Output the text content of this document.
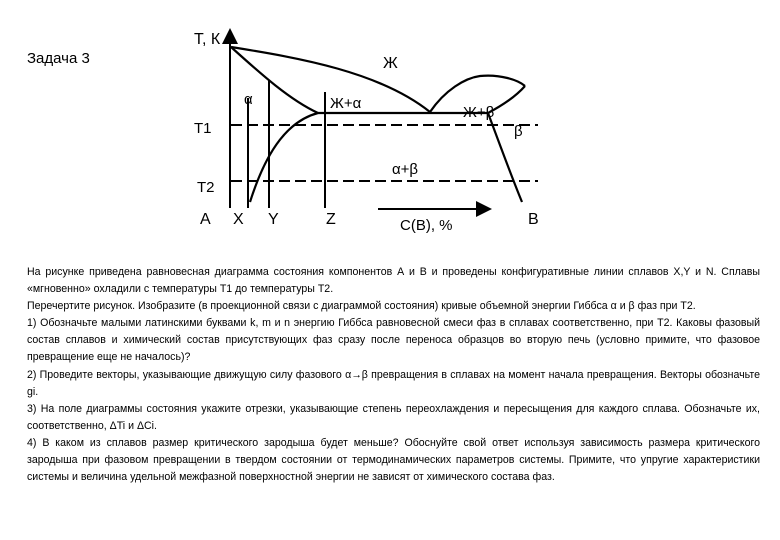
Задача 3
Т, К
Ж
α	Ж+α
Ж+β
β
α+β
Т1
Т2
А X Y	Z	С(В), %	В

На рисунке приведена равновесная диаграмма состояния компонентов А и В и проведены конфигуративные линии сплавов X,Y и N. Сплавы «мгновенно» охладили с температуры Т1 до температуры Т2.

Перечертите рисунок. Изобразите (в проекционной связи с диаграммой состояния) кривые объемной энергии Гиббса α и β фаз при Т2.

1) Обозначьте малыми латинскими буквами k, m и n энергию Гиббса равновесной смеси фаз в сплавах соответственно, при Т2. Каковы фазовый состав сплавов и химический состав присутствующих фаз сразу после переноса образцов во вторую печь (условно примите, что фазовое превращение еще не началось)?

2) Проведите векторы, указывающие движущую силу фазового α→β превращения в сплавах на момент начала превращения. Векторы обозначьте gi.

3) На поле диаграммы состояния укажите отрезки, указывающие степень переохлаждения и пересыщения для каждого сплава. Обозначьте их, соответственно, ΔTi и ΔСi.

4) В каком из сплавов размер критического зародыша будет меньше? Обоснуйте свой ответ используя зависимость размера критического зародыша при фазовом превращении в твердом состоянии от термодинамических параметров системы. Примите, что упругие характеристики системы и величина удельной межфазной поверхностной энергии не зависят от химического состава фаз.
